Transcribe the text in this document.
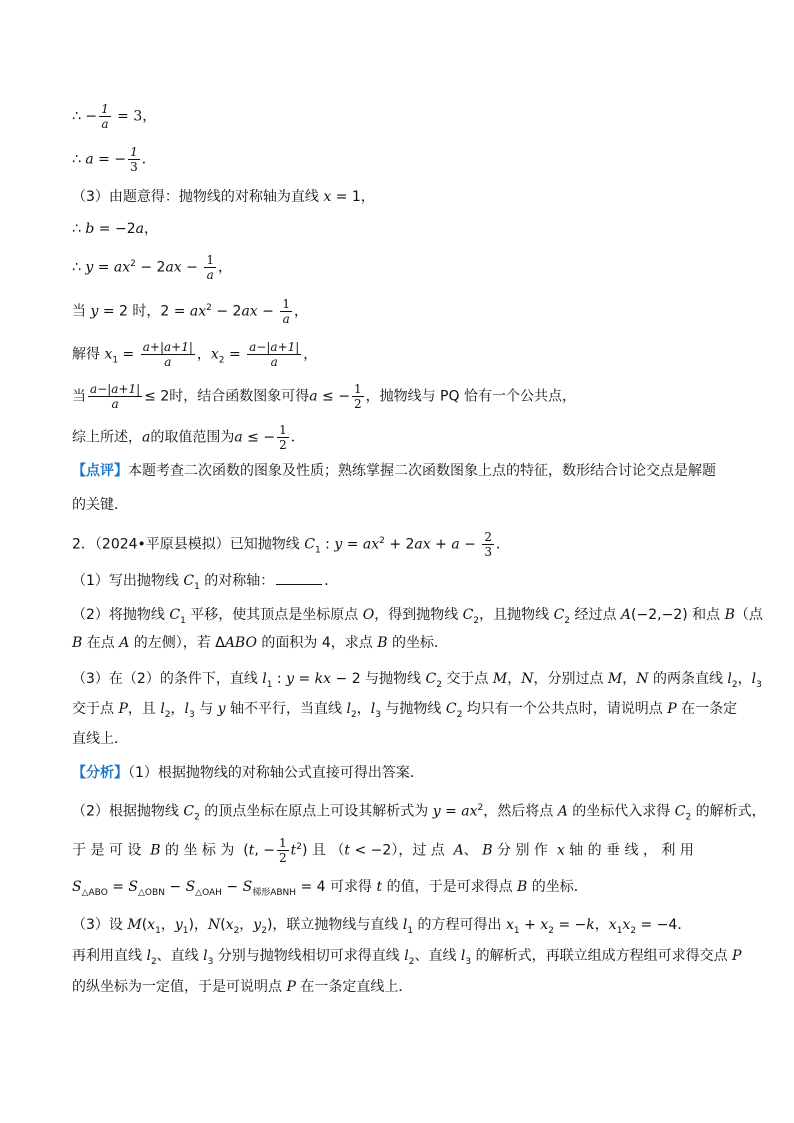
∴ − $\frac{1}{a} = 3$，
∴ a = − $\frac{1}{3}$ ．
（3）由题意得：抛物线的对称轴为直线 x = 1，
∴ b = −2a，
∴ $y = ax^2 - 2ax - \frac{1}{a}$ ，
当 y = 2 时，$2 = ax^2 - 2ax - \frac{1}{a}$ ，
解得 $x_1 = \frac{a+|a+1|}{a}$ ，$x_2 = \frac{a-|a+1|}{a}$ ，
当 $\frac{a-|a+1|}{a} \le 2$时，结合函数图象可得a ≤ − $\frac{1}{2}$ ，抛物线与 PQ 恰有一个公共点，
综上所述，a的取值范围为a ≤ − $\frac{1}{2}$ ．
【点评】本题考查二次函数的图象及性质；熟练掌握二次函数图象上点的特征，数形结合讨论交点是解题
的关键．
2．（2024•平原县模拟）已知抛物线 $C_1$ : $y = ax^2 + 2ax + a - \frac{2}{3}$ ．
（1）写出抛物线 $C_1$ 的对称轴：	．
（2）将抛物线 $C_1$ 平移，使其顶点是坐标原点 O，得到抛物线 $C_2$，且抛物线 $C_2$ 经过点 A(−2,−2) 和点 B（点
B 在点 A 的左侧），若 ΔABO 的面积为 4，求点 B 的坐标．
（3）在（2）的条件下，直线 $l_1$ : y = kx − 2 与抛物线 $C_2$ 交于点 M，N，分别过点 M，N 的两条直线 $l_2$，$l_3$
交于点 P，且 $l_2$，$l_3$ 与 y 轴不平行，当直线 $l_2$，$l_3$ 与抛物线 $C_2$ 均只有一个公共点时，请说明点 P 在一条定
直线上．
【分析】（1）根据抛物线的对称轴公式直接可得出答案．
（2）根据抛物线 $C_2$ 的顶点坐标在原点上可设其解析式为 $y = ax^2$，然后将点 A 的坐标代入求得 $C_2$ 的解析式，
于 是 可 设  B 的 坐 标 为  (t, − $\frac{1}{2} t^2$) 且 （t < −2），过 点  A、 B 分 别 作  x 轴 的 垂 线 ， 利 用
$S_{\triangle ABO} = S_{\triangle OBN} - S_{\triangle OAH} - S_{梯形ABNH} = 4$ 可求得 t 的值，于是可求得点 B 的坐标．
（3）设 $M(x_1$，$y_1$)，$N(x_2$，$y_2$)，联立抛物线与直线 $l_1$ 的方程可得出 $x_1 + x_2 = -k$，$x_1x_2 = -4$．
再利用直线 $l_2$、直线 $l_3$ 分别与抛物线相切可求得直线 $l_2$、直线 $l_3$ 的解析式，再联立组成方程组可求得交点 P
的纵坐标为一定值，于是可说明点 P 在一条定直线上．
